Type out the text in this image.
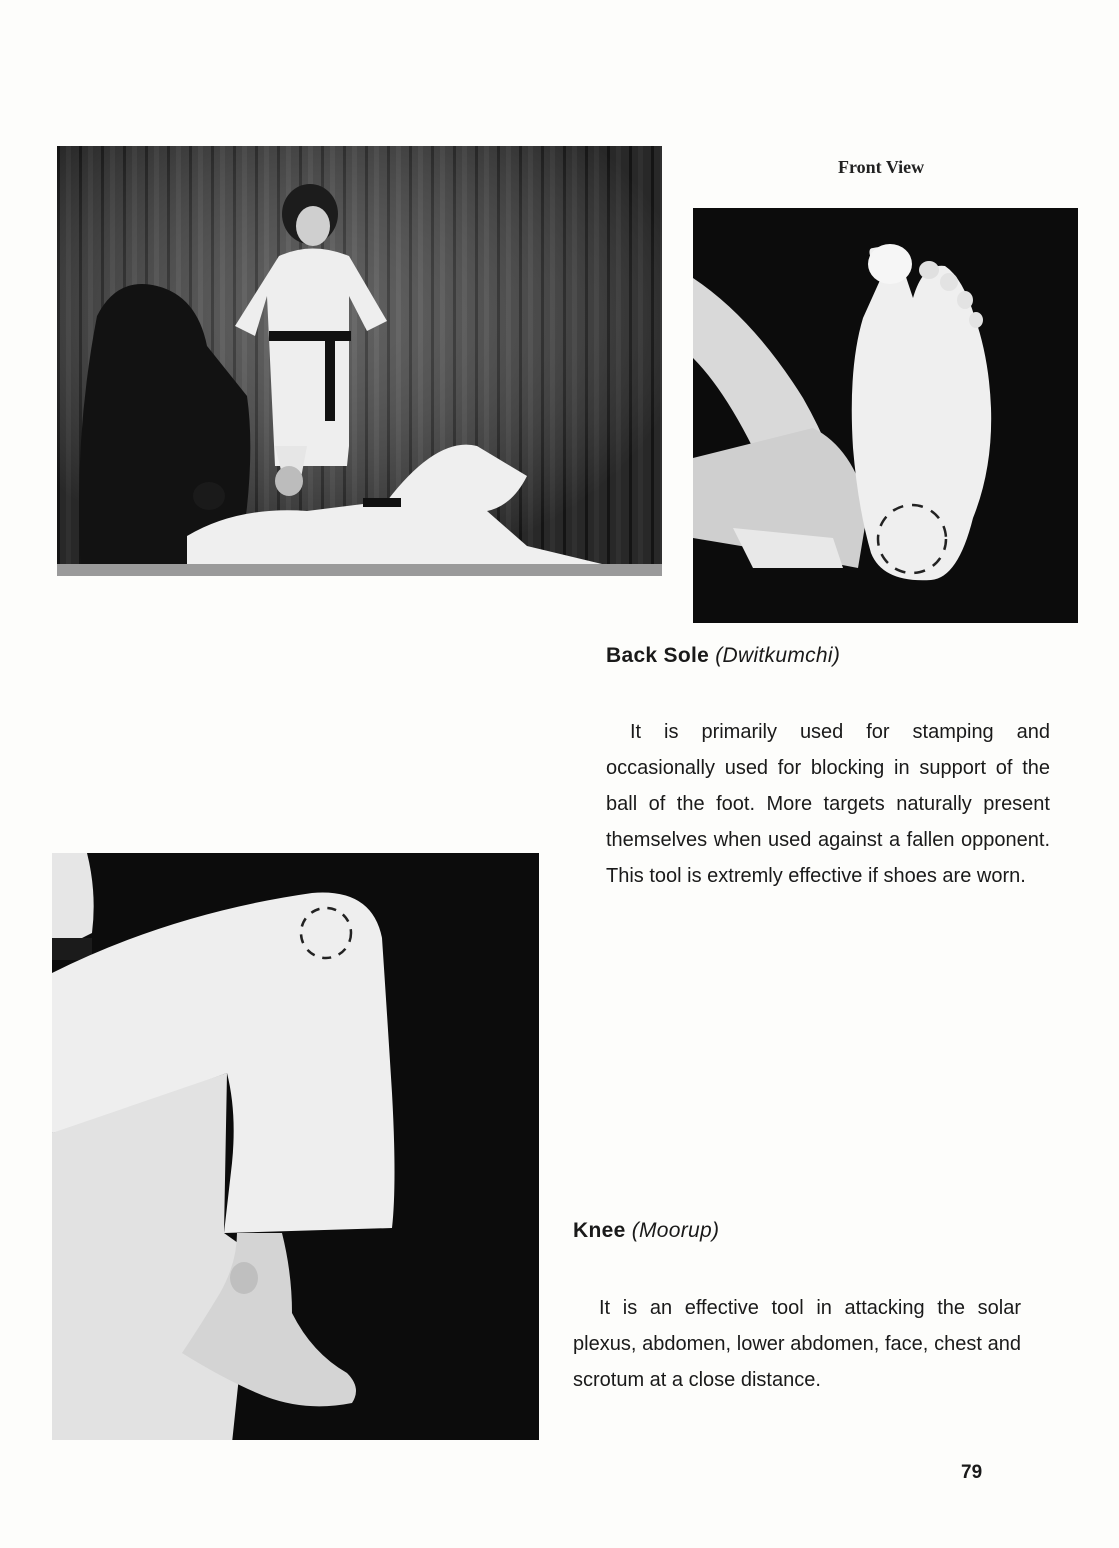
Front View
Back Sole (Dwitkumchi)

It is primarily used for stamping and occasionally used for blocking in support of the ball of the foot. More targets naturally present themselves when used against a fallen opponent. This tool is extremly effective if shoes are worn.

Knee (Moorup)

It is an effective tool in attacking the solar plexus, abdomen, lower abdomen, face, chest and scrotum at a close distance.

79
